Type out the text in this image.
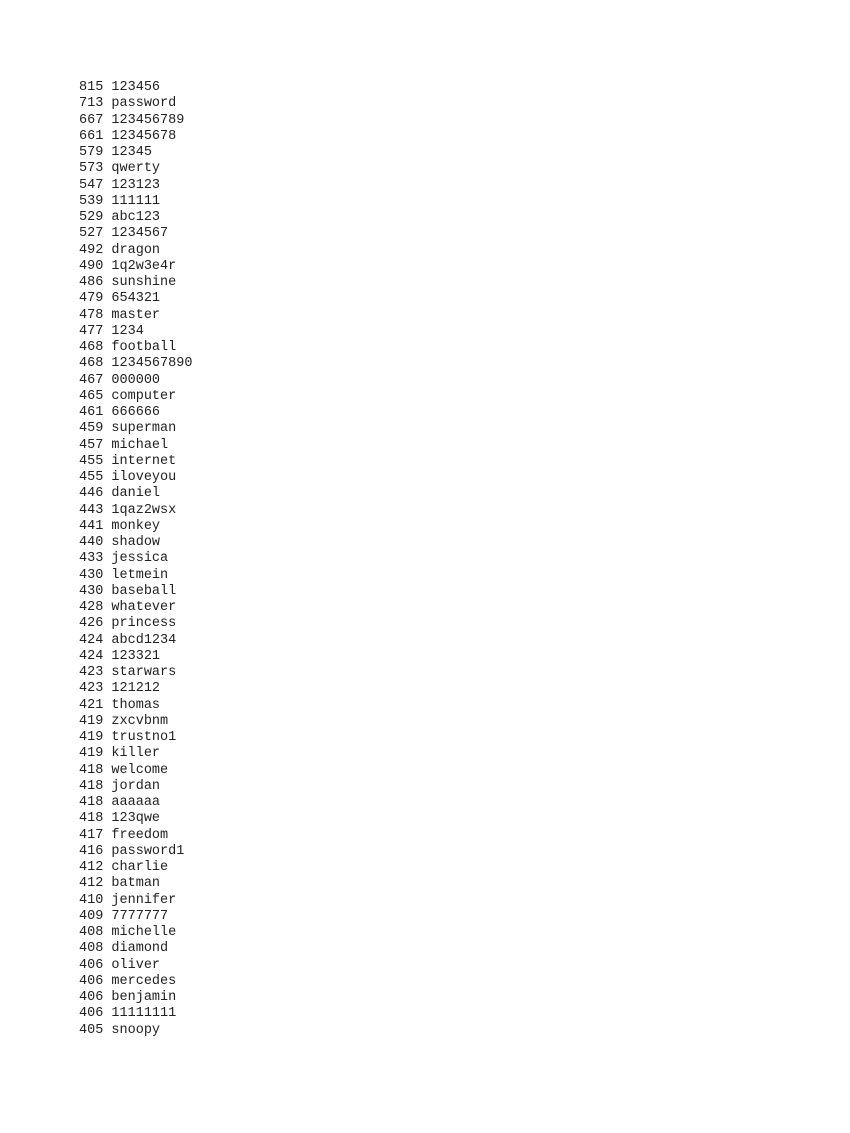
815 123456
713 password
667 123456789
661 12345678
579 12345
573 qwerty
547 123123
539 111111
529 abc123
527 1234567
492 dragon
490 1q2w3e4r
486 sunshine
479 654321
478 master
477 1234
468 football
468 1234567890
467 000000
465 computer
461 666666
459 superman
457 michael
455 internet
455 iloveyou
446 daniel
443 1qaz2wsx
441 monkey
440 shadow
433 jessica
430 letmein
430 baseball
428 whatever
426 princess
424 abcd1234
424 123321
423 starwars
423 121212
421 thomas
419 zxcvbnm
419 trustno1
419 killer
418 welcome
418 jordan
418 aaaaaa
418 123qwe
417 freedom
416 password1
412 charlie
412 batman
410 jennifer
409 7777777
408 michelle
408 diamond
406 oliver
406 mercedes
406 benjamin
406 11111111
405 snoopy
